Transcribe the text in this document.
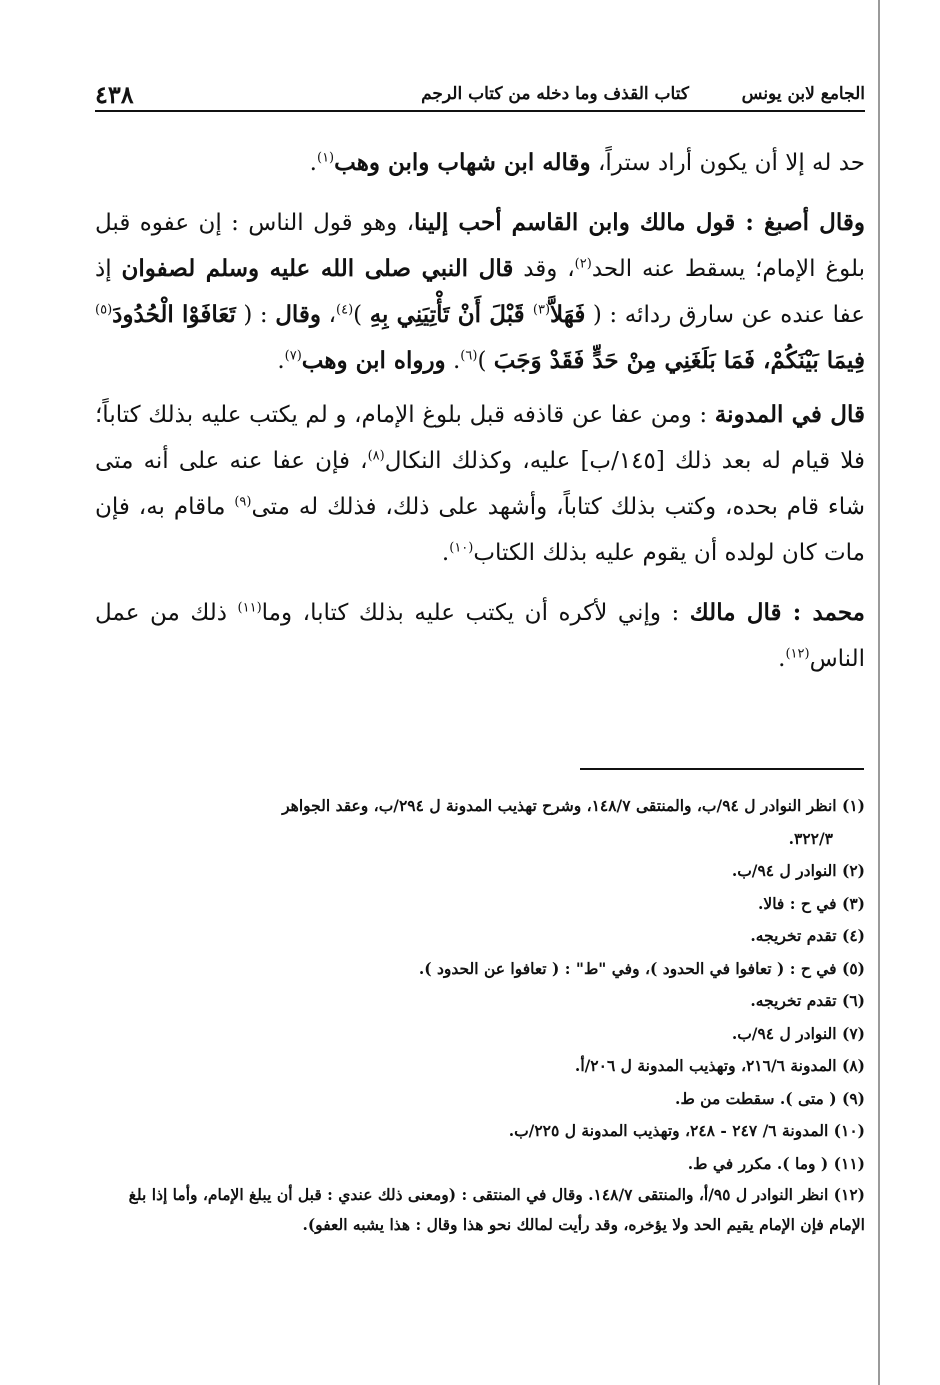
الجامع لابن يونس
كتاب القذف وما دخله من كتاب الرجم
٤٣٨

حد له إلا أن يكون أراد ستراً، وقاله ابن شهاب وابن وهب$^{(١)}$.

وقال أصبغ : قول مالك وابن القاسم أحب إلينا، وهو قول الناس : إن عفوه قبل بلوغ الإمام؛ يسقط عنه الحد$^{(٢)}$، وقد قال النبي صلى الله عليه وسلم لصفوان إذ عفا عنده عن سارق ردائه : ( فَهَلاَّ$^{(٣)}$ قَبْلَ أَنْ تَأْتِيَنِي بِهِ )$^{(٤)}$، وقال : ( تَعَافَوْا الْحُدُودَ$^{(٥)}$ فِيمَا بَيْنَكُمْ، فَمَا بَلَغَنِي مِنْ حَدٍّ فَقَدْ وَجَبَ )$^{(٦)}$. ورواه ابن وهب$^{(٧)}$.

قال في المدونة : ومن عفا عن قاذفه قبل بلوغ الإمام، و لم يكتب عليه بذلك كتاباً؛ فلا قيام له بعد ذلك [١٤٥/ب] عليه، وكذلك النكال$^{(٨)}$، فإن عفا عنه على أنه متى شاء قام بحده، وكتب بذلك كتاباً، وأشهد على ذلك، فذلك له متى$^{(٩)}$ ماقام به، فإن مات كان لولده أن يقوم عليه بذلك الكتاب$^{(١٠)}$.

محمد : قال مالك : وإني لأكره أن يكتب عليه بذلك كتابا، وما$^{(١١)}$ ذلك من عمل الناس$^{(١٢)}$.

(١) انظر النوادر ل ٩٤/ب، والمنتقى ١٤٨/٧، وشرح تهذيب المدونة ل ٢٩٤/ب، وعقد الجواهر
٣٢٢/٣.
(٢) النوادر ل ٩٤/ب.
(٣) في ح : فالا.
(٤) تقدم تخريجه.
(٥) في ح : ( تعافوا في الحدود )، وفي "ط" : ( تعافوا عن الحدود ).
(٦) تقدم تخريجه.
(٧) النوادر ل ٩٤/ب.
(٨) المدونة ٢١٦/٦، وتهذيب المدونة ل ٢٠٦/أ.
(٩) ( متى ). سقطت من ط.
(١٠) المدونة ٦/ ٢٤٧ - ٢٤٨، وتهذيب المدونة ل ٢٢٥/ب.
(١١) ( وما ). مكرر في ط.
(١٢) انظر النوادر ل ٩٥/أ، والمنتقى ١٤٨/٧. وقال في المنتقى : (ومعنى ذلك عندي : قبل أن يبلغ الإمام، وأما إذا بلغ الإمام فإن الإمام يقيم الحد ولا يؤخره، وقد رأيت لمالك نحو هذا وقال : هذا يشبه العفو).
